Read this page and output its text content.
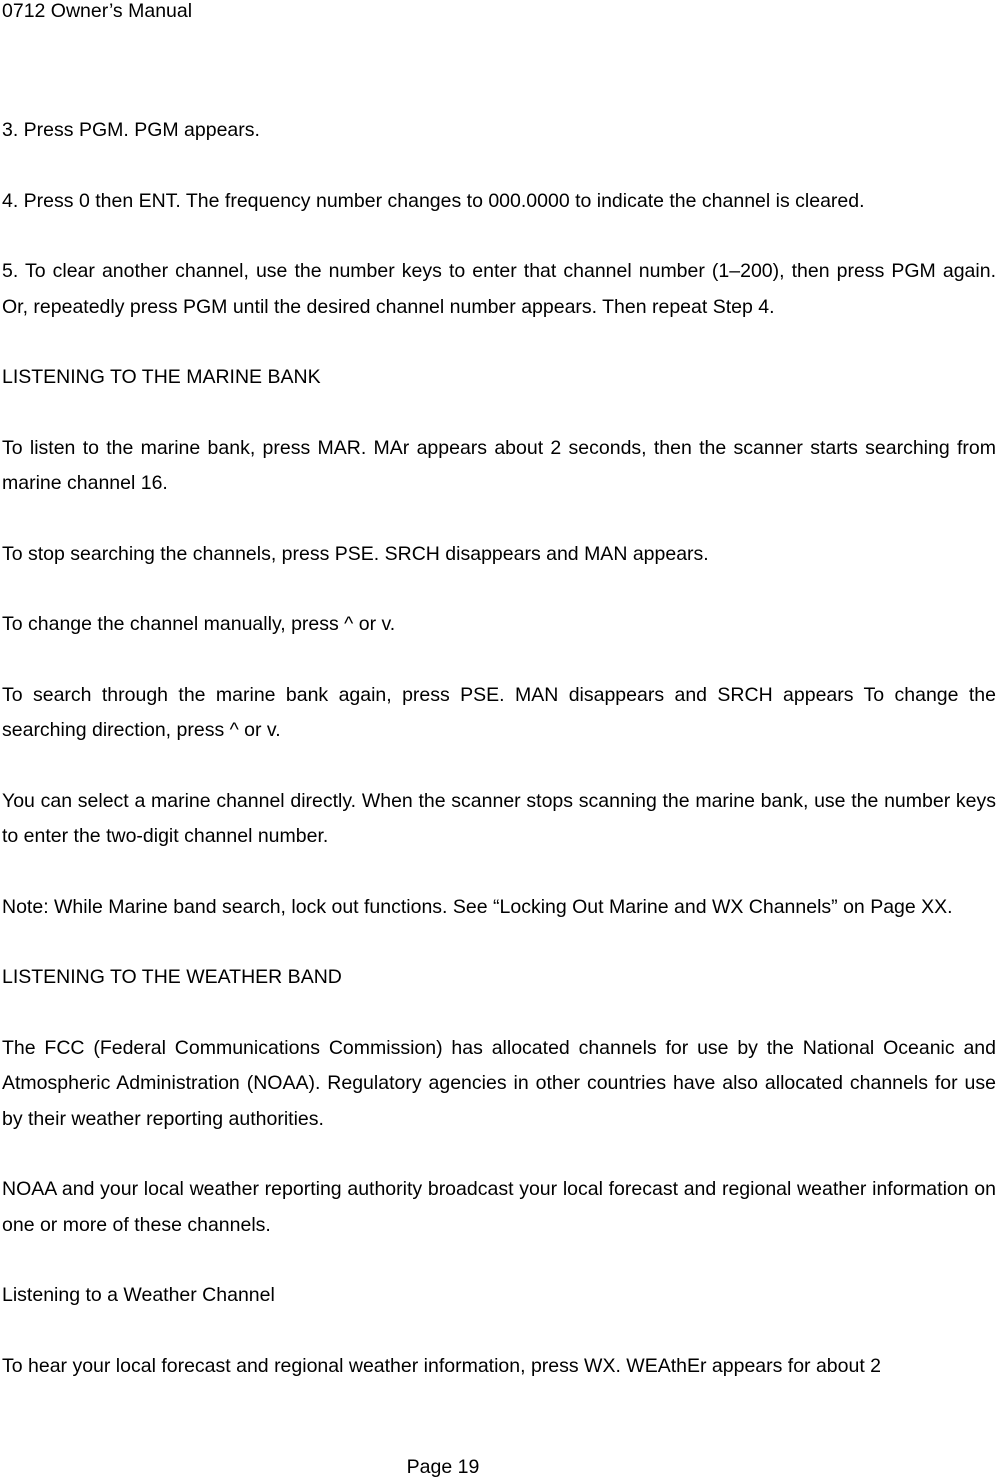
0712 Owner’s Manual

3. Press PGM. PGM appears.

4. Press 0 then ENT. The frequency number changes to 000.0000 to indicate the channel is cleared.

5. To clear another channel, use the number keys to enter that channel number (1–200), then press PGM again. Or, repeatedly press PGM until the desired channel number appears. Then repeat Step 4.

LISTENING TO THE MARINE BANK

To listen to the marine bank, press MAR. MAr appears about 2 seconds, then the scanner starts searching from marine channel 16.

To stop searching the channels, press PSE. SRCH disappears and MAN appears.

To change the channel manually, press ^ or v.

To search through the marine bank again, press PSE. MAN disappears and SRCH appears To change the searching direction, press ^ or v.

You can select a marine channel directly. When the scanner stops scanning the marine bank, use the number keys to enter the two-digit channel number.

Note: While Marine band search, lock out functions. See “Locking Out Marine and WX Channels” on Page XX.

LISTENING TO THE WEATHER BAND

The FCC (Federal Communications Commission) has allocated channels for use by the National Oceanic and Atmospheric Administration (NOAA). Regulatory agencies in other countries have also allocated channels for use by their weather reporting authorities.

NOAA and your local weather reporting authority broadcast your local forecast and regional weather information on one or more of these channels.

Listening to a Weather Channel

To hear your local forecast and regional weather information, press WX. WEAthEr appears for about 2

Page 19
